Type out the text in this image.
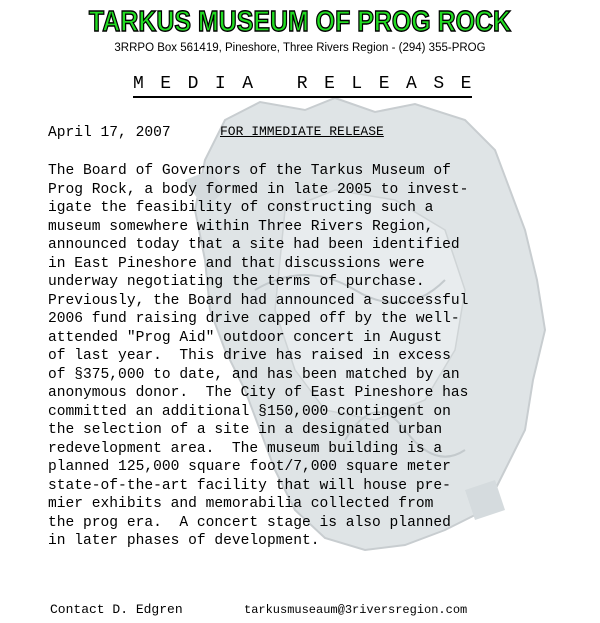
TARKUS MUSEUM OF PROG ROCK
3RRPO Box 561419, Pineshore, Three Rivers Region - (294) 355-PROG
MEDIA RELEASE
April 17, 2007	FOR IMMEDIATE RELEASE
The Board of Governors of the Tarkus Museum of
Prog Rock, a body formed in late 2005 to invest-
igate the feasibility of constructing such a
museum somewhere within Three Rivers Region,
announced today that a site had been identified
in East Pineshore and that discussions were
underway negotiating the terms of purchase.
Previously, the Board had announced a successful
2006 fund raising drive capped off by the well-
attended "Prog Aid" outdoor concert in August
of last year.  This drive has raised in excess
of §375,000 to date, and has been matched by an
anonymous donor.  The City of East Pineshore has
committed an additional §150,000 contingent on
the selection of a site in a designated urban
redevelopment area.  The museum building is a
planned 125,000 square foot/7,000 square meter
state-of-the-art facility that will house pre-
mier exhibits and memorabilia collected from
the prog era.  A concert stage is also planned
in later phases of development.
Contact D. Edgren	tarkusmuseaum@3riversregion.com
